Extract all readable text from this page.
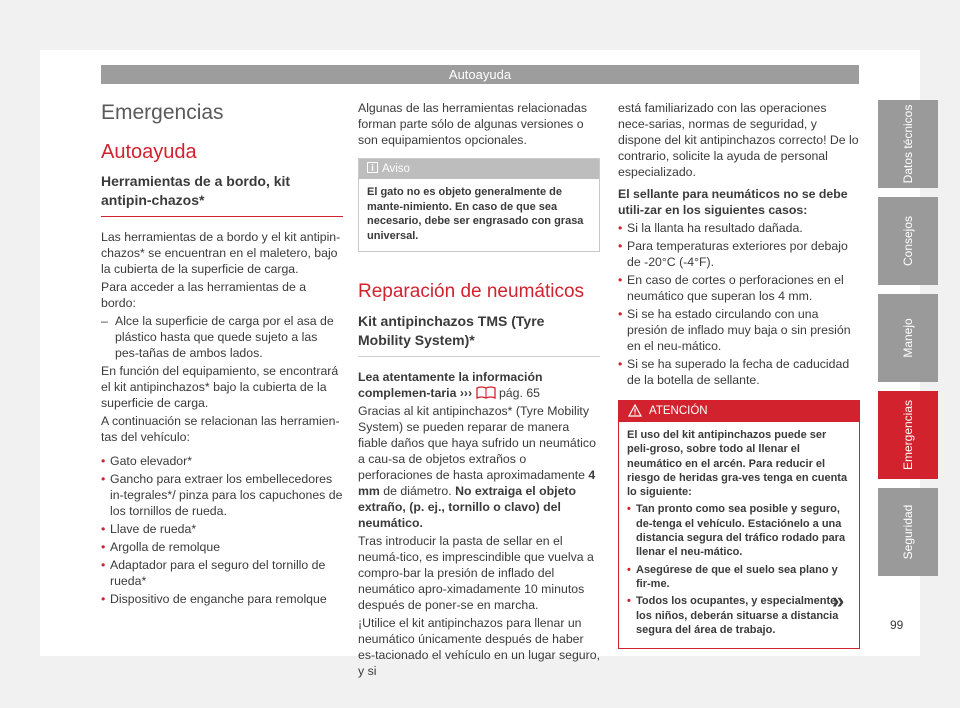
Autoayuda
Emergencias
Autoayuda
Herramientas de a bordo, kit antipin-chazos*

Las herramientas de a bordo y el kit antipin-chazos* se encuentran en el maletero, bajo la cubierta de la superficie de carga.

Para acceder a las herramientas de a bordo:

– Alce la superficie de carga por el asa de plástico hasta que quede sujeto a las pes-tañas de ambos lados.

En función del equipamiento, se encontrará el kit antipinchazos* bajo la cubierta de la superficie de carga.

A continuación se relacionan las herramien-tas del vehículo:

• Gato elevador*
• Gancho para extraer los embellecedores in-tegrales*/ pinza para los capuchones de los tornillos de rueda.
• Llave de rueda*
• Argolla de remolque
• Adaptador para el seguro del tornillo de rueda*
• Dispositivo de enganche para remolque

Algunas de las herramientas relacionadas forman parte sólo de algunas versiones o son equipamientos opcionales.

Aviso
El gato no es objeto generalmente de mante-nimiento. En caso de que sea necesario, debe ser engrasado con grasa universal.
Reparación de neumáticos
Kit antipinchazos TMS (Tyre Mobility System)*

Lea atentamente la información complemen-taria ››› pág. 65

Gracias al kit antipinchazos* (Tyre Mobility System) se pueden reparar de manera fiable daños que haya sufrido un neumático a cau-sa de objetos extraños o perforaciones de hasta aproximadamente 4 mm de diámetro. No extraiga el objeto extraño, (p. ej., tornillo o clavo) del neumático.

Tras introducir la pasta de sellar en el neumá-tico, es imprescindible que vuelva a compro-bar la presión de inflado del neumático apro-ximadamente 10 minutos después de poner-se en marcha.

¡Utilice el kit antipinchazos para llenar un neumático únicamente después de haber es-tacionado el vehículo en un lugar seguro, y si

está familiarizado con las operaciones nece-sarias, normas de seguridad, y dispone del kit antipinchazos correcto! De lo contrario, solicite la ayuda de personal especializado.

El sellante para neumáticos no se debe utili-zar en los siguientes casos:

• Si la llanta ha resultado dañada.
• Para temperaturas exteriores por debajo de -20°C (-4°F).
• En caso de cortes o perforaciones en el neumático que superan los 4 mm.
• Si se ha estado circulando con una presión de inflado muy baja o sin presión en el neu-mático.
• Si se ha superado la fecha de caducidad de la botella de sellante.
ATENCIÓN
El uso del kit antipinchazos puede ser peli-groso, sobre todo al llenar el neumático en el arcén. Para reducir el riesgo de heridas gra-ves tenga en cuenta lo siguiente:
• Tan pronto como sea posible y seguro, de-tenga el vehículo. Estaciónelo a una distancia segura del tráfico rodado para llenar el neu-mático.
• Asegúrese de que el suelo sea plano y fir-me.
• Todos los ocupantes, y especialmente los niños, deberán situarse a distancia segura del área de trabajo.
»
Datos técnicos
Consejos
Manejo
Emergencias
Seguridad
99
